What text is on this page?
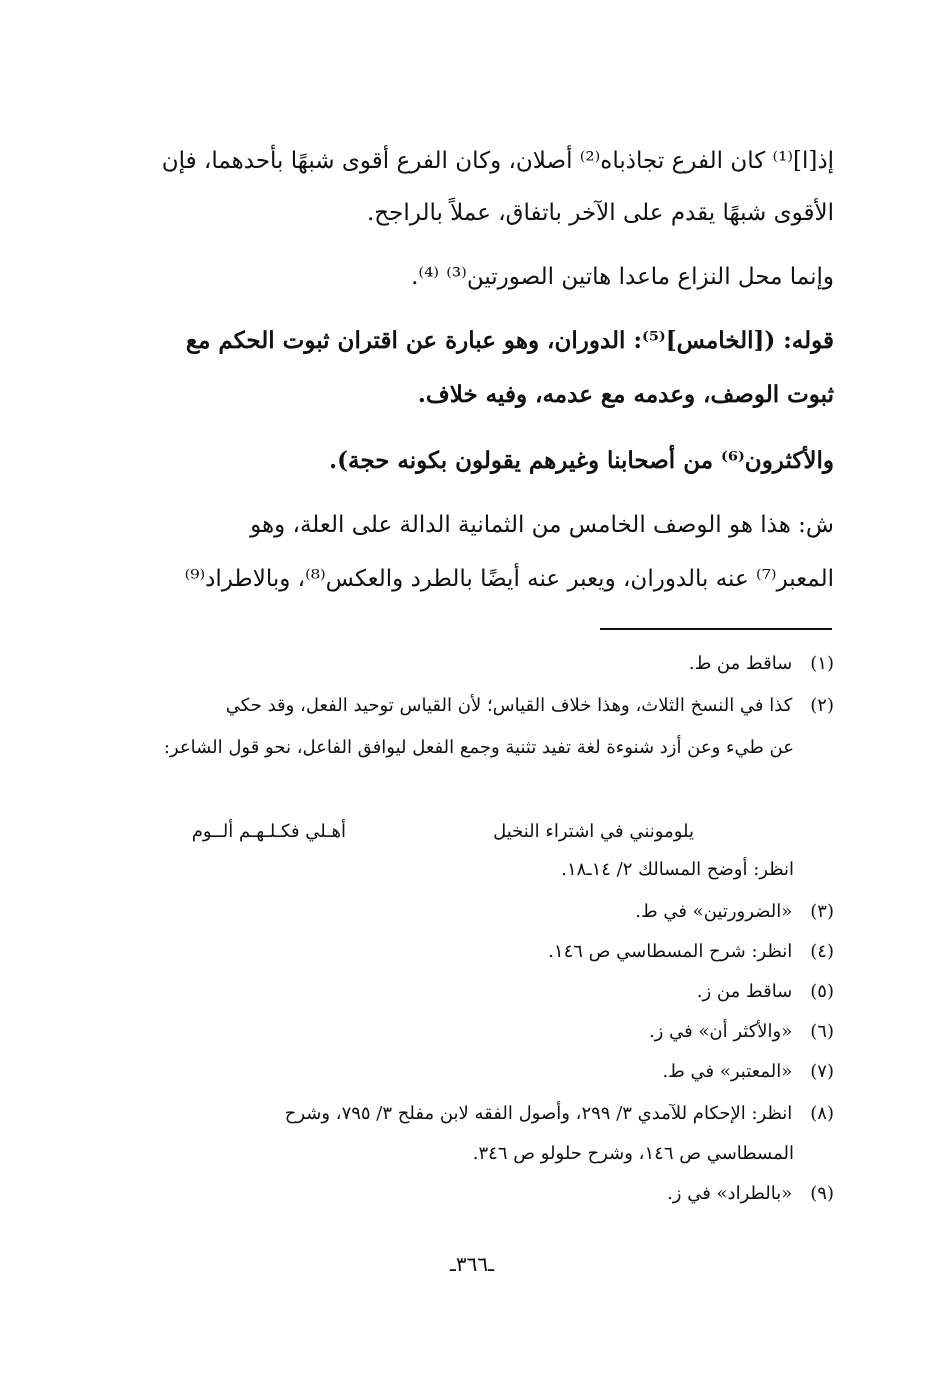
إذ[ا]⁽¹⁾ كان الفرع تجاذباه⁽²⁾ أصلان، وكان الفرع أقوى شبهًا بأحدهما، فإن
الأقوى شبهًا يقدم على الآخر باتفاق، عملاً بالراجح.
وإنما محل النزاع ماعدا هاتين الصورتين⁽³⁾ ⁽⁴⁾.
قوله: ([الخامس]⁽⁵⁾: الدوران، وهو عبارة عن اقتران ثبوت الحكم مع
ثبوت الوصف، وعدمه مع عدمه، وفيه خلاف.
والأكثرون⁽⁶⁾ من أصحابنا وغيرهم يقولون بكونه حجة).
ش: هذا هو الوصف الخامس من الثمانية الدالة على العلة، وهو
المعبر⁽⁷⁾ عنه بالدوران، ويعبر عنه أيضًا بالطرد والعكس⁽⁸⁾، وبالاطراد⁽⁹⁾
(١) ساقط من ط.
(٢) كذا في النسخ الثلاث، وهذا خلاف القياس؛ لأن القياس توحيد الفعل، وقد حكي
عن طيء وعن أزد شنوءة لغة تفيد تثنية وجمع الفعل ليوافق الفاعل، نحو قول الشاعر:
يلومونني في اشتراء النخيل
أهـلي فكـلـهـم ألــوم
انظر: أوضح المسالك ٢/ ١٤ـ١٨.
(٣) «الضرورتين» في ط.
(٤) انظر: شرح المسطاسي ص ١٤٦.
(٥) ساقط من ز.
(٦) «والأكثر أن» في ز.
(٧) «المعتبر» في ط.
(٨) انظر: الإحكام للآمدي ٣/ ٢٩٩، وأصول الفقه لابن مفلح ٣/ ٧٩٥، وشرح
المسطاسي ص ١٤٦، وشرح حلولو ص ٣٤٦.
(٩) «بالطراد» في ز.
ـ٣٦٦ـ
